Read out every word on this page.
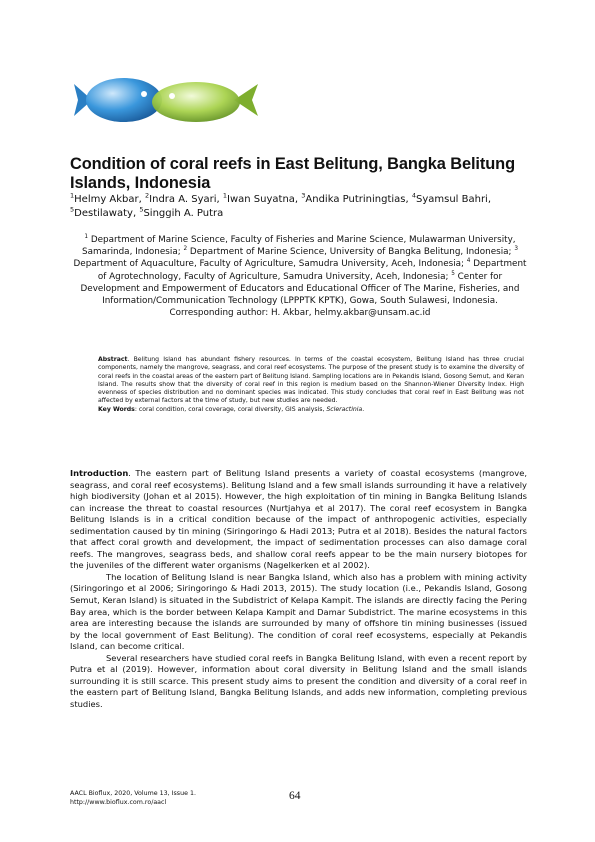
Condition of coral reefs in East Belitung, Bangka Belitung Islands, Indonesia
$^1$Helmy Akbar, $^2$Indra A. Syari, $^1$Iwan Suyatna, $^3$Andika Putriningtias, $^4$Syamsul Bahri, $^5$Destilawaty, $^5$Singgih A. Putra
$^1$ Department of Marine Science, Faculty of Fisheries and Marine Science, Mulawarman University, Samarinda, Indonesia; $^2$ Department of Marine Science, University of Bangka Belitung, Indonesia; $^3$ Department of Aquaculture, Faculty of Agriculture, Samudra University, Aceh, Indonesia; $^4$ Department of Agrotechnology, Faculty of Agriculture, Samudra University, Aceh, Indonesia; $^5$ Center for Development and Empowerment of Educators and Educational Officer of The Marine, Fisheries, and Information/Communication Technology (LPPPTK KPTK), Gowa, South Sulawesi, Indonesia. Corresponding author: H. Akbar, helmy.akbar@unsam.ac.id
Abstract. Belitung Island has abundant fishery resources. In terms of the coastal ecosystem, Belitung Island has three crucial components, namely the mangrove, seagrass, and coral reef ecosystems. The purpose of the present study is to examine the diversity of coral reefs in the coastal areas of the eastern part of Belitung Island. Sampling locations are in Pekandis Island, Gosong Semut, and Keran Island. The results show that the diversity of coral reef in this region is medium based on the Shannon-Wiener Diversity Index. High evenness of species distribution and no dominant species was indicated. This study concludes that coral reef in East Belitung was not affected by external factors at the time of study, but new studies are needed.
Key Words: coral condition, coral coverage, coral diversity, GIS analysis, Scleractinia.

Introduction. The eastern part of Belitung Island presents a variety of coastal ecosystems (mangrove, seagrass, and coral reef ecosystems). Belitung Island and a few small islands surrounding it have a relatively high biodiversity (Johan et al 2015). However, the high exploitation of tin mining in Bangka Belitung Islands can increase the threat to coastal resources (Nurtjahya et al 2017). The coral reef ecosystem in Bangka Belitung Islands is in a critical condition because of the impact of anthropogenic activities, especially sedimentation caused by tin mining (Siringoringo & Hadi 2013; Putra et al 2018). Besides the natural factors that affect coral growth and development, the impact of sedimentation processes can also damage coral reefs. The mangroves, seagrass beds, and shallow coral reefs appear to be the main nursery biotopes for the juveniles of the different water organisms (Nagelkerken et al 2002).

The location of Belitung Island is near Bangka Island, which also has a problem with mining activity (Siringoringo et al 2006; Siringoringo & Hadi 2013, 2015). The study location (i.e., Pekandis Island, Gosong Semut, Keran Island) is situated in the Subdistrict of Kelapa Kampit. The islands are directly facing the Pering Bay area, which is the border between Kelapa Kampit and Damar Subdistrict. The marine ecosystems in this area are interesting because the islands are surrounded by many of offshore tin mining businesses (issued by the local government of East Belitung). The condition of coral reef ecosystems, especially at Pekandis Island, can become critical.

Several researchers have studied coral reefs in Bangka Belitung Island, with even a recent report by Putra et al (2019). However, information about coral diversity in Belitung Island and the small islands surrounding it is still scarce. This present study aims to present the condition and diversity of a coral reef in the eastern part of Belitung Island, Bangka Belitung Islands, and adds new information, completing previous studies.

AACL Bioflux, 2020, Volume 13, Issue 1.
http://www.bioflux.com.ro/aacl	64
